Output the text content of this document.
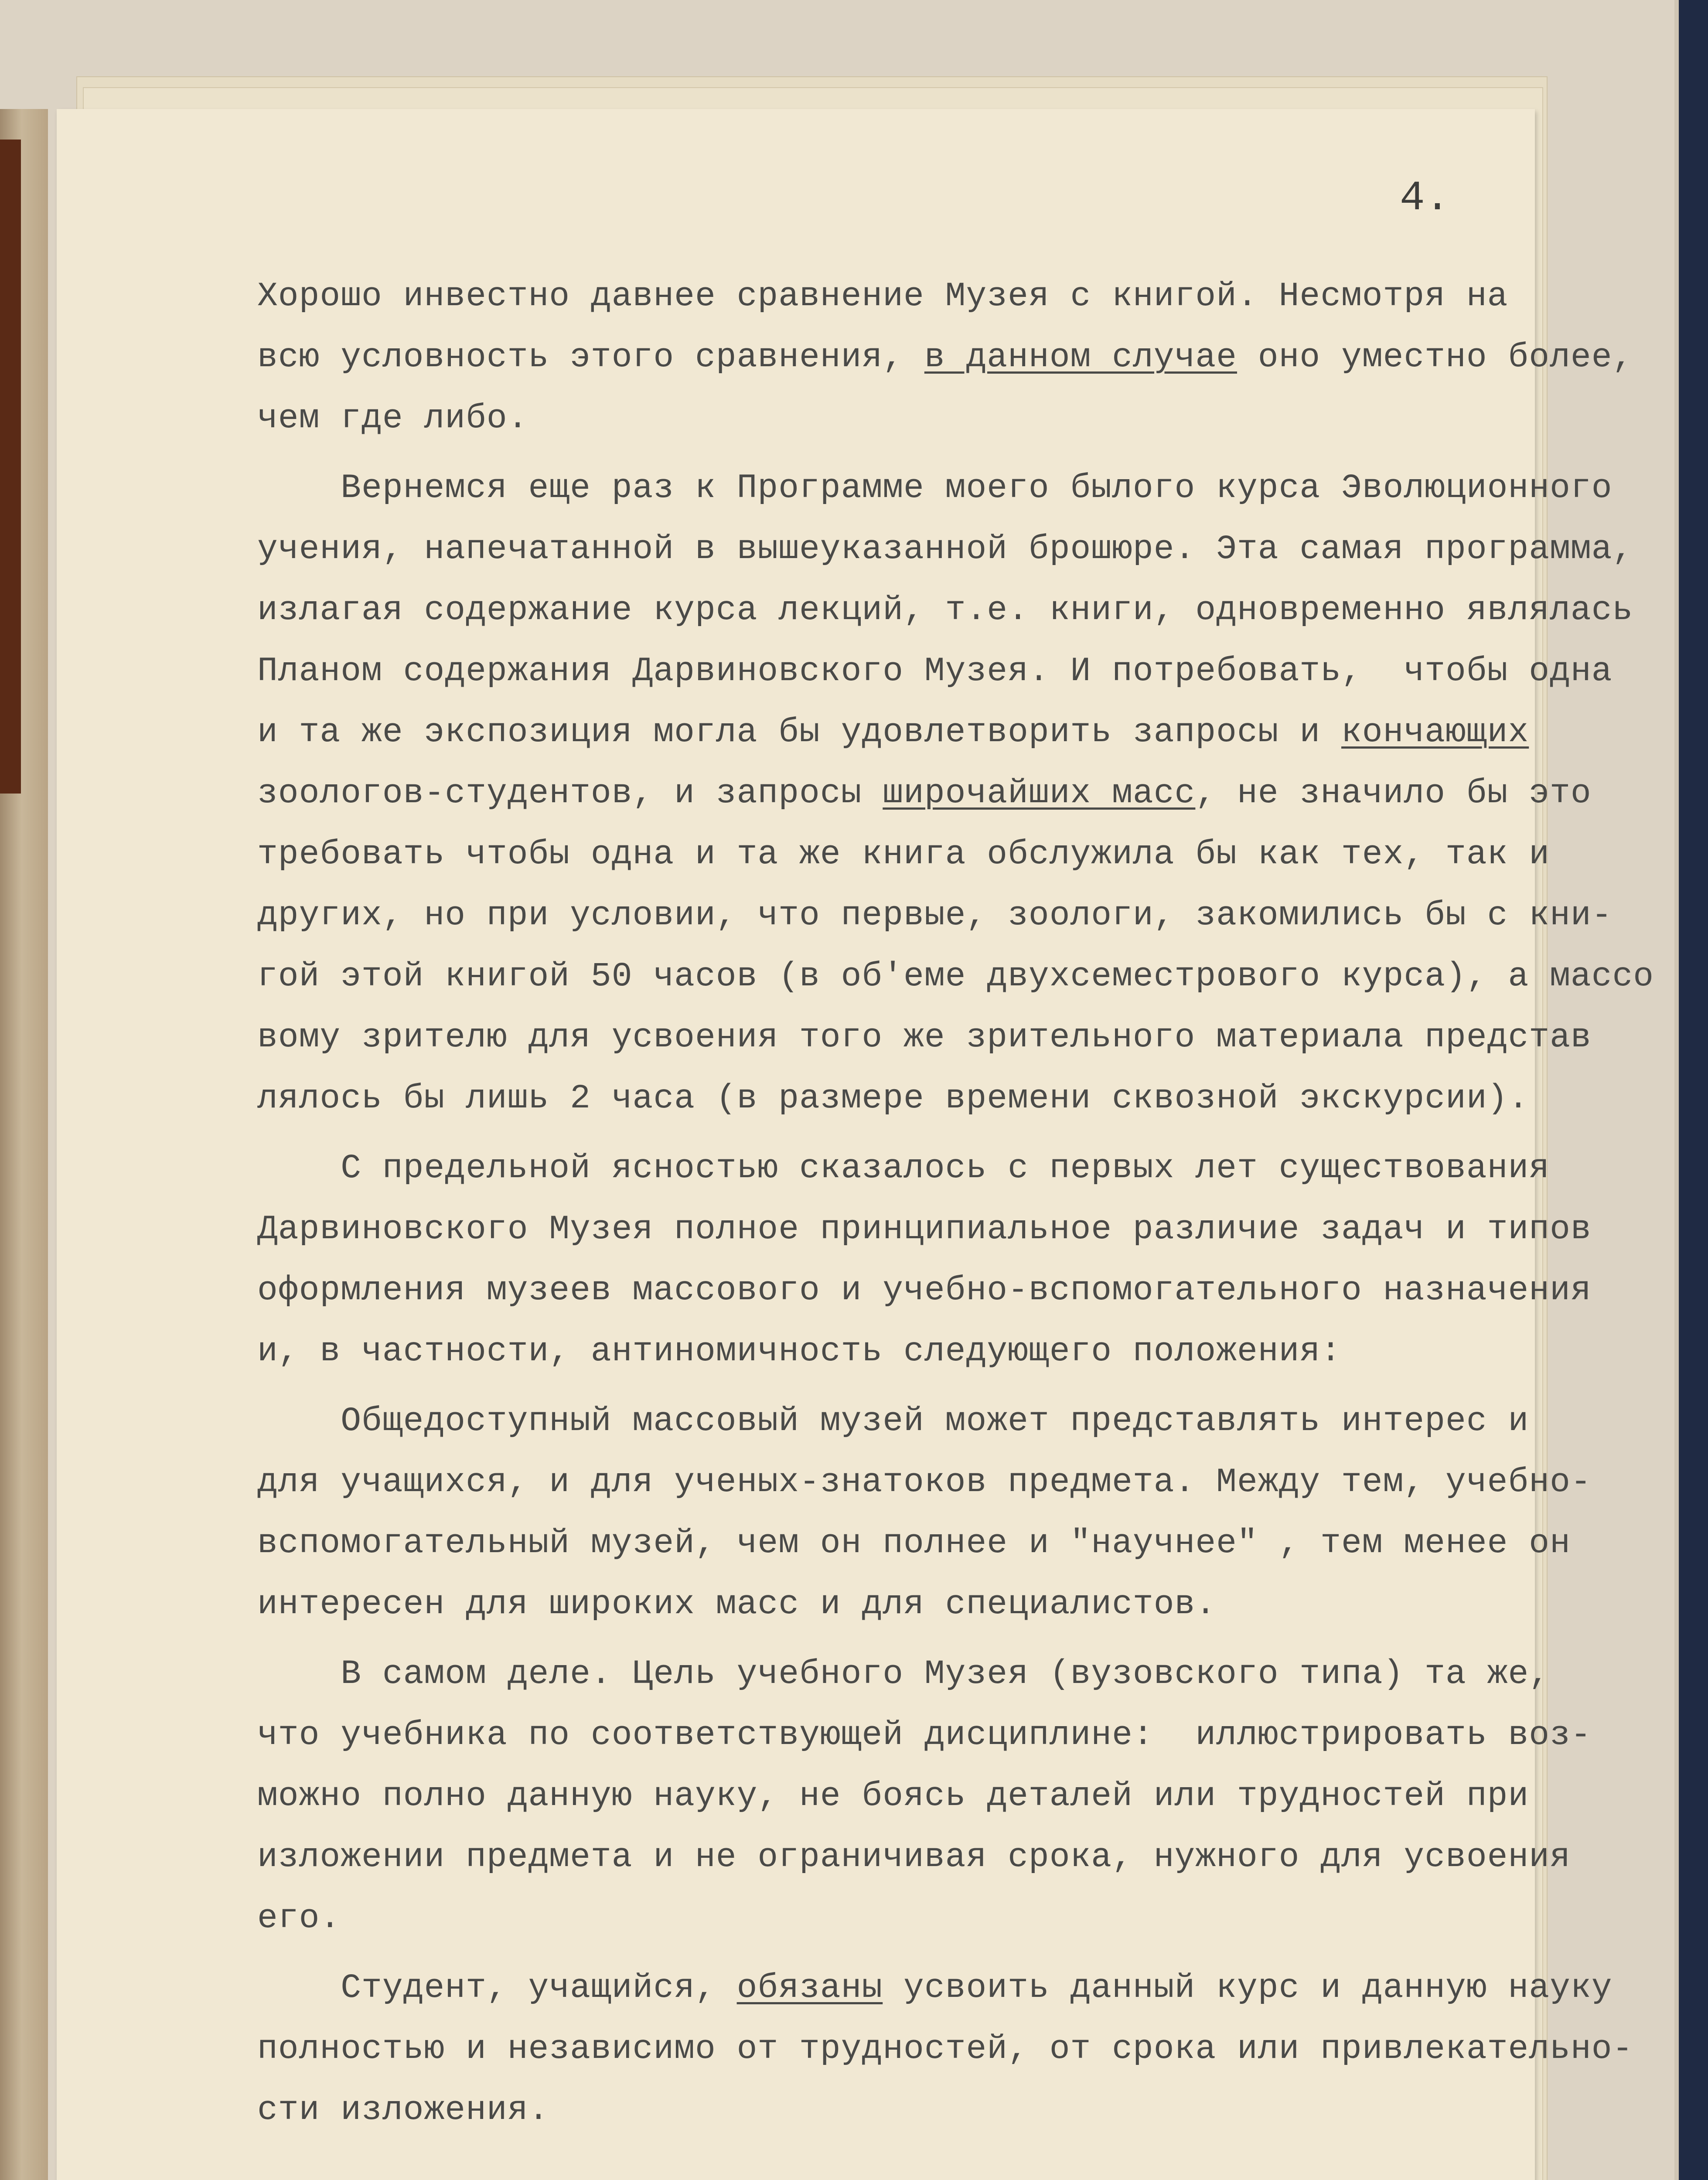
4.
Хорошо инвестно давнее сравнение Музея с книгой. Несмотря на
всю условность этого сравнения, в данном случае оно уместно более,
чем где либо.
Вернемся еще раз к Программе моего былого курса Эволюционного
учения, напечатанной в вышеуказанной брошюре. Эта самая программа,
излагая содержание курса лекций, т.е. книги, одновременно являлась
Планом содержания Дарвиновского Музея. И потребовать,  чтобы одна
и та же экспозиция могла бы удовлетворить запросы и кончающих
зоологов-студентов, и запросы широчайших масс, не значило бы это
требовать чтобы одна и та же книга обслужила бы как тех, так и
других, но при условии, что первые, зоологи, закомились бы с кни-
гой этой книгой 50 часов (в об'еме двухсеместрового курса), а массо
вому зрителю для усвоения того же зрительного материала представ
лялось бы лишь 2 часа (в размере времени сквозной экскурсии).
С предельной ясностью сказалось с первых лет существования
Дарвиновского Музея полное принципиальное различие задач и типов
оформления музеев массового и учебно-вспомогательного назначения
и, в частности, антиномичность следующего положения:
Общедоступный массовый музей может представлять интерес и
для учащихся, и для ученых-знатоков предмета. Между тем, учебно-
вспомогательный музей, чем он полнее и "научнее" , тем менее он
интересен для широких масс и для специалистов.
В самом деле. Цель учебного Музея (вузовского типа) та же,
что учебника по соответствующей дисциплине:  иллюстрировать воз-
можно полно данную науку, не боясь деталей или трудностей при
изложении предмета и не ограничивая срока, нужного для усвоения
его.
Студент, учащийся, обязаны усвоить данный курс и данную науку
полностью и независимо от трудностей, от срока или привлекательно-
сти изложения.
